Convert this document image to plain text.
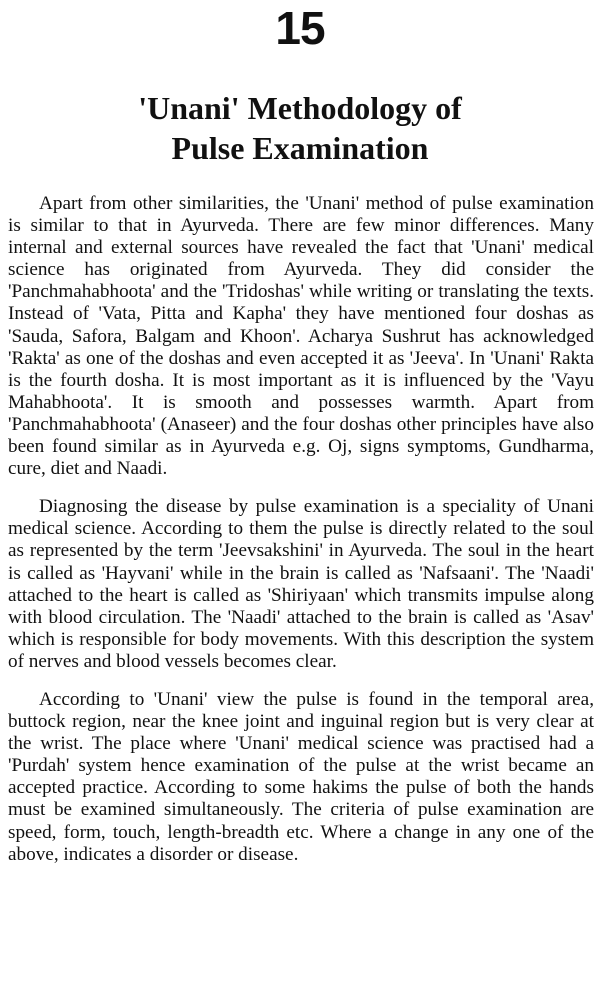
15
'Unani' Methodology of
Pulse Examination

Apart from other similarities, the 'Unani' method of pulse examination is similar to that in Ayurveda. There are few minor differences. Many internal and external sources have revealed the fact that 'Unani' medical science has originated from Ayurveda. They did consider the 'Panchmahabhoota' and the 'Tridoshas' while writing or translating the texts. Instead of 'Vata, Pitta and Kapha' they have mentioned four doshas as 'Sauda, Safora, Balgam and Khoon'. Acharya Sushrut has acknowledged 'Rakta' as one of the doshas and even accepted it as 'Jeeva'. In 'Unani' Rakta is the fourth dosha. It is most important as it is influenced by the 'Vayu Mahabhoota'. It is smooth and possesses warmth. Apart from 'Panchmahabhoota' (Anaseer) and the four doshas other principles have also been found similar as in Ayurveda e.g. Oj, signs symptoms, Gundharma, cure, diet and Naadi.

Diagnosing the disease by pulse examination is a speciality of Unani medical science. According to them the pulse is directly related to the soul as represented by the term 'Jeevsakshini' in Ayurveda. The soul in the heart is called as 'Hayvani' while in the brain is called as 'Nafsaani'. The 'Naadi' attached to the heart is called as 'Shiriyaan' which transmits impulse along with blood circulation. The 'Naadi' attached to the brain is called as 'Asav' which is responsible for body movements. With this description the system of nerves and blood vessels becomes clear.

According to 'Unani' view the pulse is found in the temporal area, buttock region, near the knee joint and inguinal region but is very clear at the wrist. The place where 'Unani' medical science was practised had a 'Purdah' system hence examination of the pulse at the wrist became an accepted practice. According to some hakims the pulse of both the hands must be examined simultaneously. The criteria of pulse examination are speed, form, touch, length-breadth etc. Where a change in any one of the above, indicates a disorder or disease.
